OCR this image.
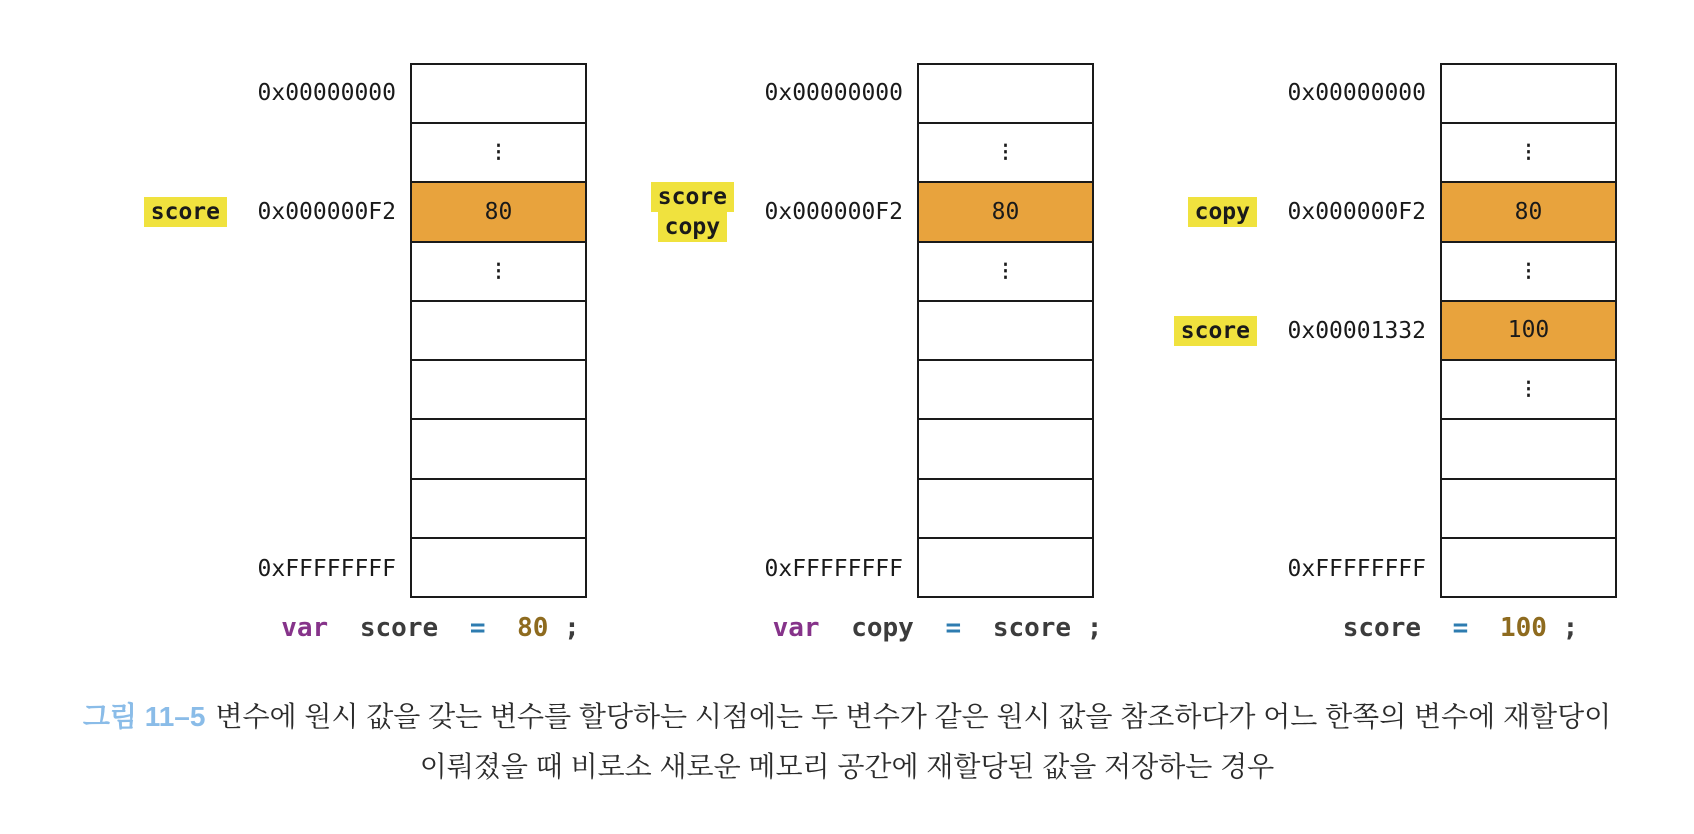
score
0x00000000
0x000000F2
0xFFFFFFFF
⋮
80
⋮
var score = 80 ;
score
copy
0x00000000
0x000000F2
0xFFFFFFFF
⋮
80
⋮
var copy = score ;
copy
score
0x00000000
0x000000F2
0x00001332
0xFFFFFFFF
⋮
80
⋮
100
⋮
score = 100 ;
그림 11–5 변수에 원시 값을 갖는 변수를 할당하는 시점에는 두 변수가 같은 원시 값을 참조하다가 어느 한쪽의 변수에 재할당이
이뤄졌을 때 비로소 새로운 메모리 공간에 재할당된 값을 저장하는 경우
